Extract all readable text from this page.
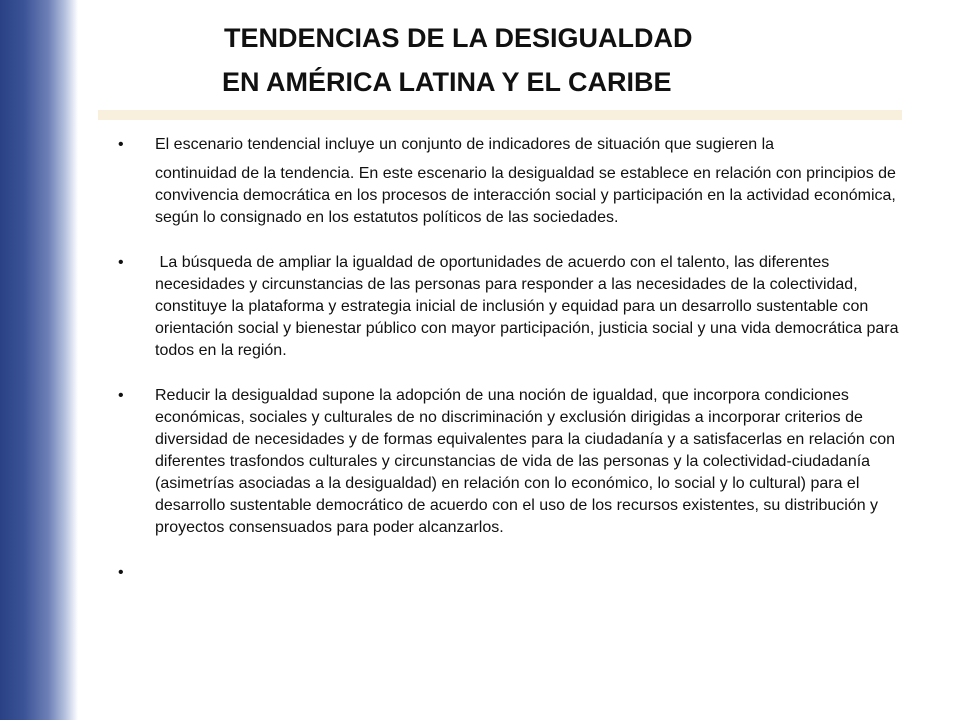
TENDENCIAS DE LA DESIGUALDAD
EN AMÉRICA LATINA Y EL CARIBE
• El escenario tendencial incluye un conjunto de indicadores de situación que sugieren la
continuidad de la tendencia. En este escenario la desigualdad se establece en relación con principios de convivencia democrática en los procesos de interacción social y participación en la actividad económica, según lo consignado en los estatutos políticos de las sociedades.
• La búsqueda de ampliar la igualdad de oportunidades de acuerdo con el talento, las diferentes necesidades y circunstancias de las personas para responder a las necesidades de la colectividad, constituye la plataforma y estrategia inicial de inclusión y equidad para un desarrollo sustentable con orientación social y bienestar público con mayor participación, justicia social y una vida democrática para todos en la región.
• Reducir la desigualdad supone la adopción de una noción de igualdad, que incorpora condiciones económicas, sociales y culturales de no discriminación y exclusión dirigidas a incorporar criterios de diversidad de necesidades y de formas equivalentes para la ciudadanía y a satisfacerlas en relación con diferentes trasfondos culturales y circunstancias de vida de las personas y la colectividad-ciudadanía (asimetrías asociadas a la desigualdad) en relación con lo económico, lo social y lo cultural) para el desarrollo sustentable democrático de acuerdo con el uso de los recursos existentes, su distribución y proyectos consensuados para poder alcanzarlos.
•
